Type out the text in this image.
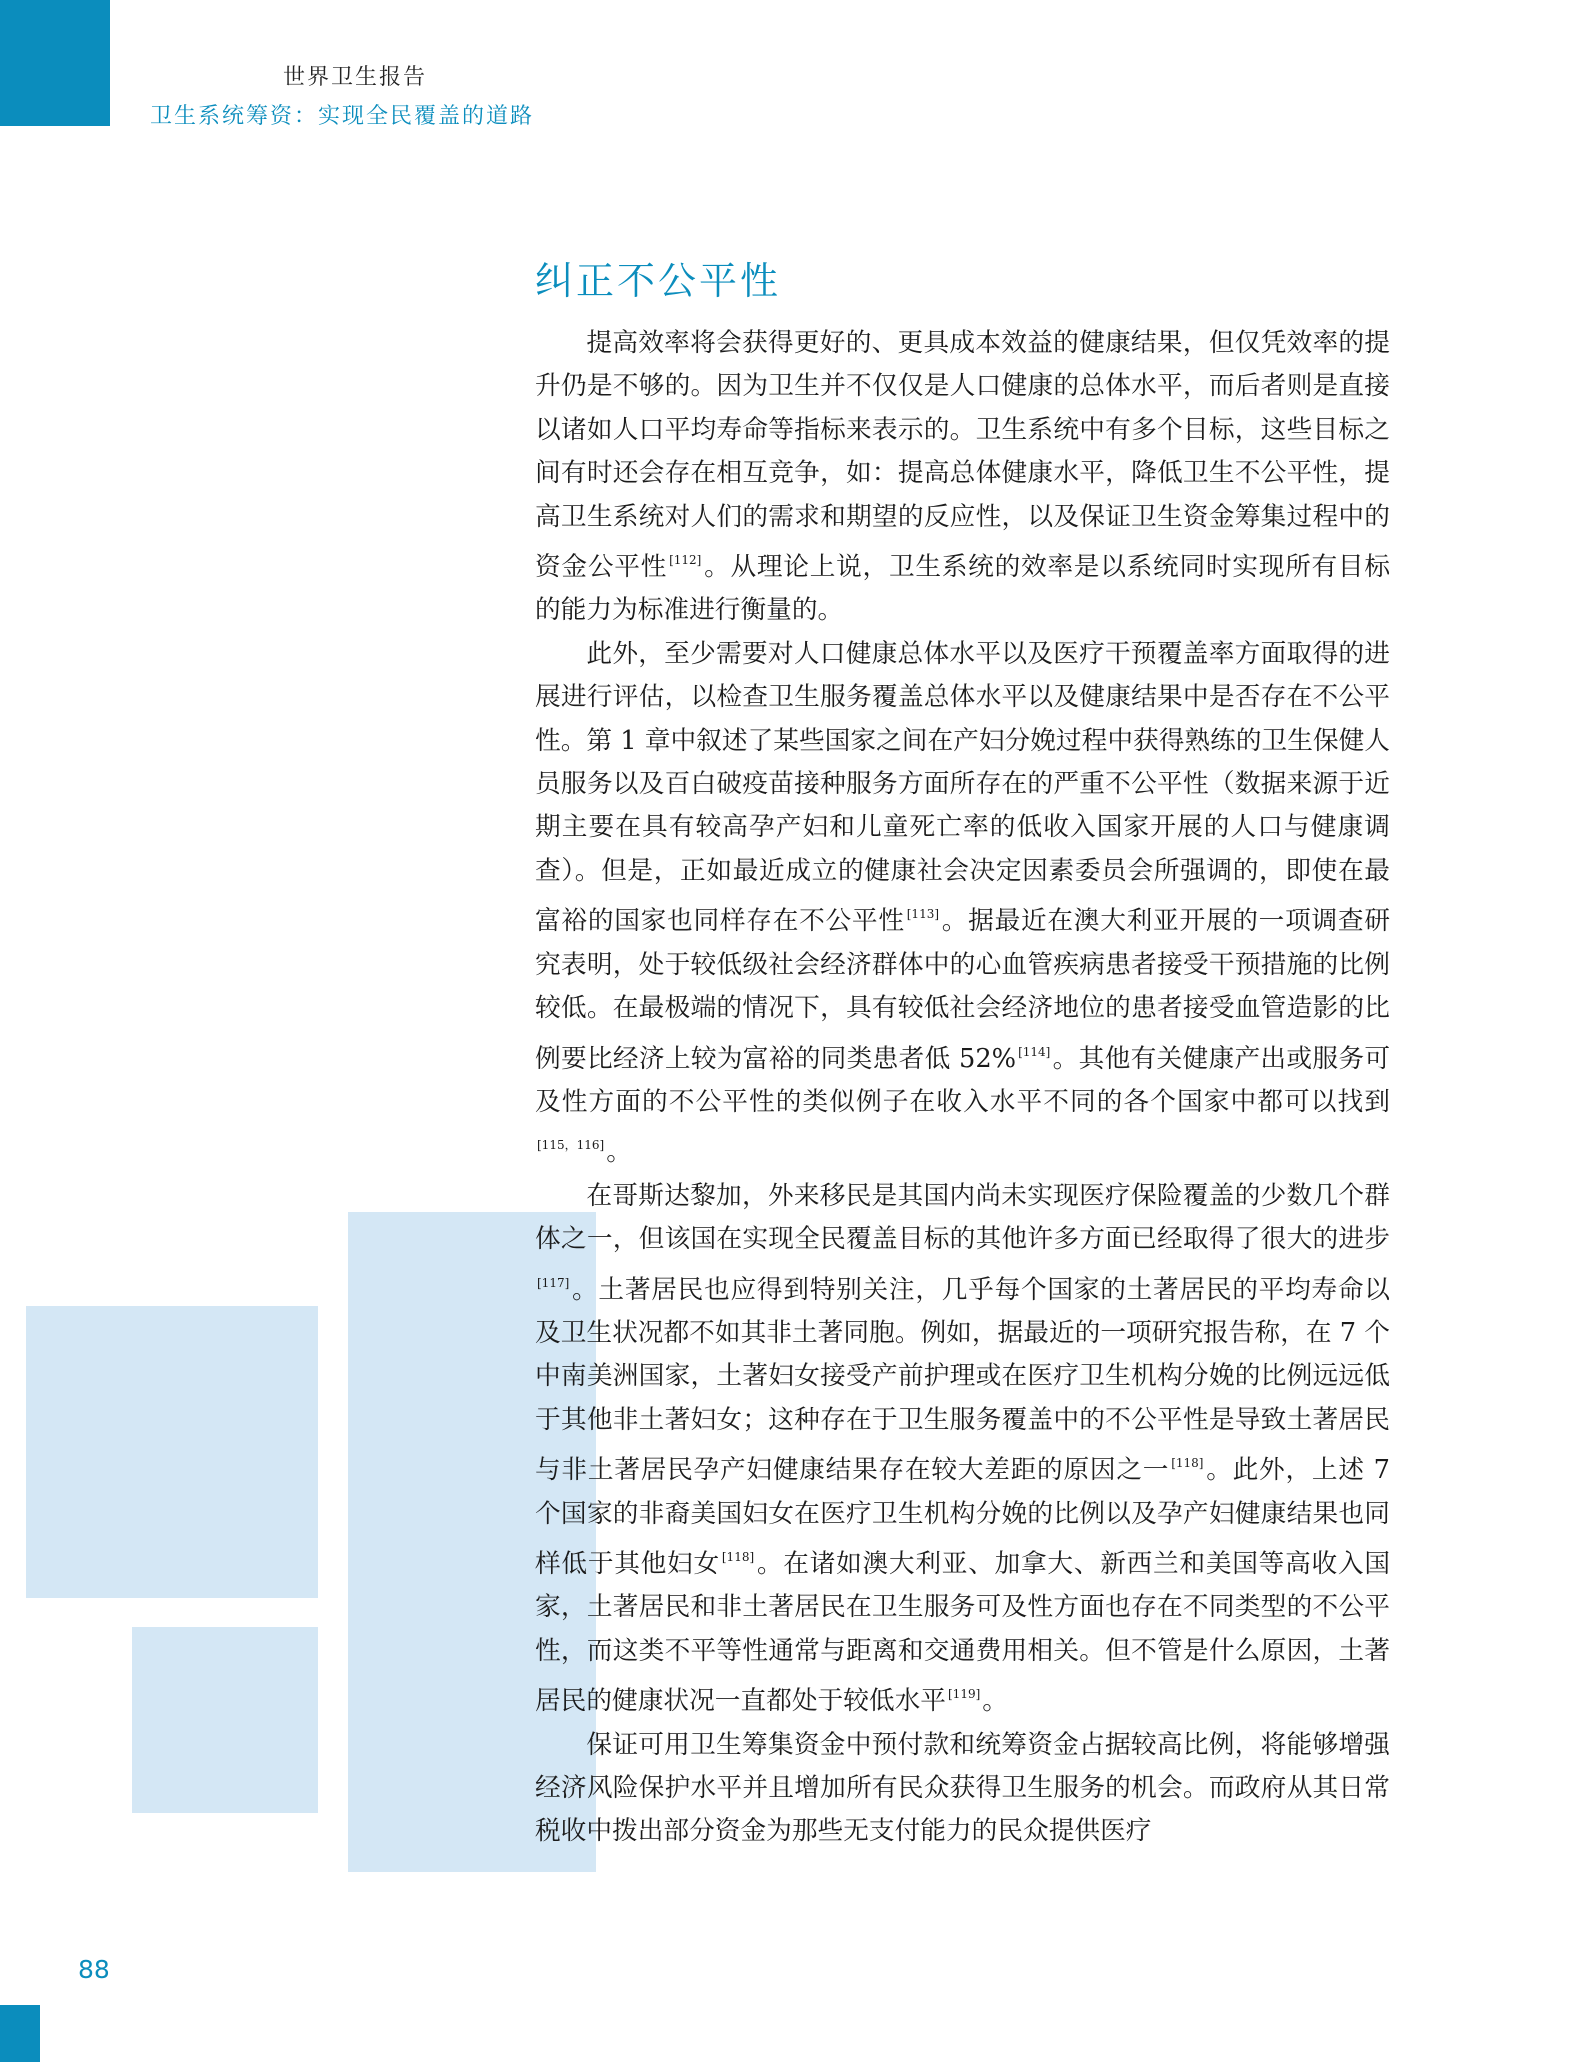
世界卫生报告
卫生系统筹资：实现全民覆盖的道路
纠正不公平性

提高效率将会获得更好的、更具成本效益的健康结果，但仅凭效率的提升仍是不够的。因为卫生并不仅仅是人口健康的总体水平，而后者则是直接以诸如人口平均寿命等指标来表示的。卫生系统中有多个目标，这些目标之间有时还会存在相互竞争，如：提高总体健康水平，降低卫生不公平性，提高卫生系统对人们的需求和期望的反应性，以及保证卫生资金筹集过程中的资金公平性 [112]。从理论上说，卫生系统的效率是以系统同时实现所有目标的能力为标准进行衡量的。

此外，至少需要对人口健康总体水平以及医疗干预覆盖率方面取得的进展进行评估，以检查卫生服务覆盖总体水平以及健康结果中是否存在不公平性。第 1 章中叙述了某些国家之间在产妇分娩过程中获得熟练的卫生保健人员服务以及百白破疫苗接种服务方面所存在的严重不公平性（数据来源于近期主要在具有较高孕产妇和儿童死亡率的低收入国家开展的人口与健康调查）。但是，正如最近成立的健康社会决定因素委员会所强调的，即使在最富裕的国家也同样存在不公平性 [113]。据最近在澳大利亚开展的一项调查研究表明，处于较低级社会经济群体中的心血管疾病患者接受干预措施的比例较低。在最极端的情况下，具有较低社会经济地位的患者接受血管造影的比例要比经济上较为富裕的同类患者低 52% [114]。其他有关健康产出或服务可及性方面的不公平性的类似例子在收入水平不同的各个国家中都可以找到[115，116]。

在哥斯达黎加，外来移民是其国内尚未实现医疗保险覆盖的少数几个群体之一，但该国在实现全民覆盖目标的其他许多方面已经取得了很大的进步[117]。土著居民也应得到特别关注，几乎每个国家的土著居民的平均寿命以及卫生状况都不如其非土著同胞。例如，据最近的一项研究报告称，在 7 个中南美洲国家，土著妇女接受产前护理或在医疗卫生机构分娩的比例远远低于其他非土著妇女；这种存在于卫生服务覆盖中的不公平性是导致土著居民与非土著居民孕产妇健康结果存在较大差距的原因之一 [118]。此外，上述 7 个国家的非裔美国妇女在医疗卫生机构分娩的比例以及孕产妇健康结果也同样低于其他妇女 [118]。在诸如澳大利亚、加拿大、新西兰和美国等高收入国家，土著居民和非土著居民在卫生服务可及性方面也存在不同类型的不公平性，而这类不平等性通常与距离和交通费用相关。但不管是什么原因，土著居民的健康状况一直都处于较低水平 [119]。

保证可用卫生筹集资金中预付款和统筹资金占据较高比例，将能够增强经济风险保护水平并且增加所有民众获得卫生服务的机会。而政府从其日常税收中拨出部分资金为那些无支付能力的民众提供医疗

88
